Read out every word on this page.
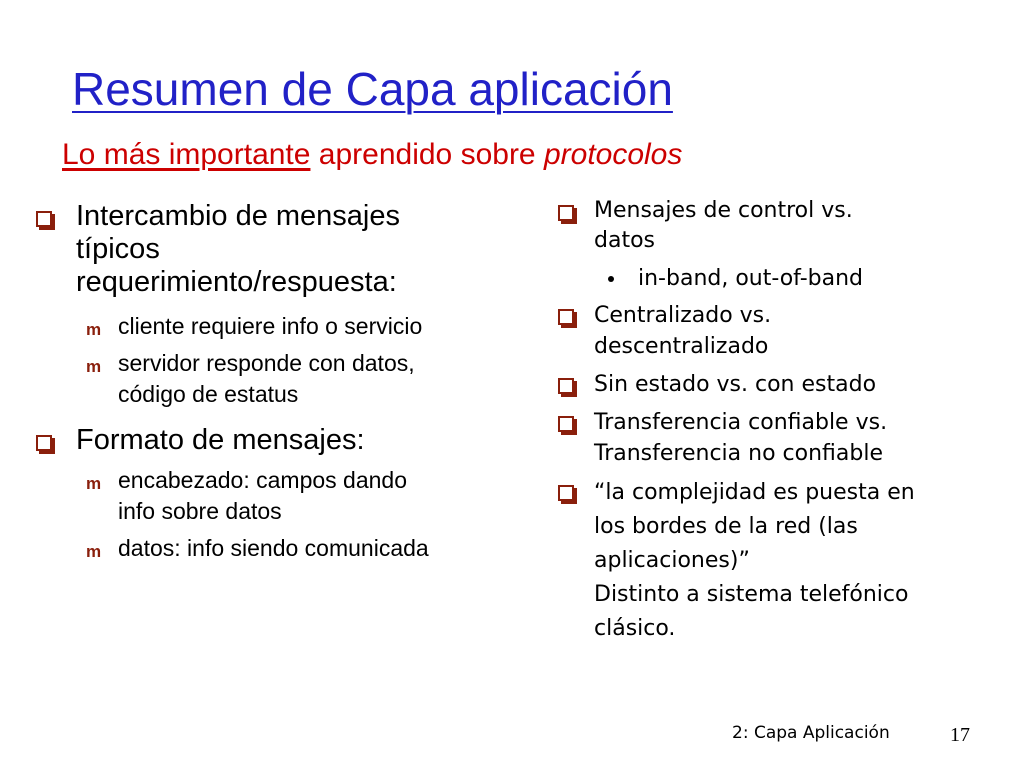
Resumen de Capa aplicación
Lo más importante aprendido sobre protocolos
Intercambio de mensajes
típicos
requerimiento/respuesta:
m cliente requiere info o servicio
m servidor responde con datos,
código de estatus
Formato de mensajes:
m encabezado: campos dando
info sobre datos
m datos: info siendo comunicada
Mensajes de control vs.
datos
in-band, out-of-band
Centralizado vs.
descentralizado
Sin estado vs. con estado
Transferencia confiable vs.
Transferencia no confiable
“la complejidad es puesta en
los bordes de la red (las
aplicaciones)”
Distinto a sistema telefónico
clásico.
2: Capa Aplicación	17
